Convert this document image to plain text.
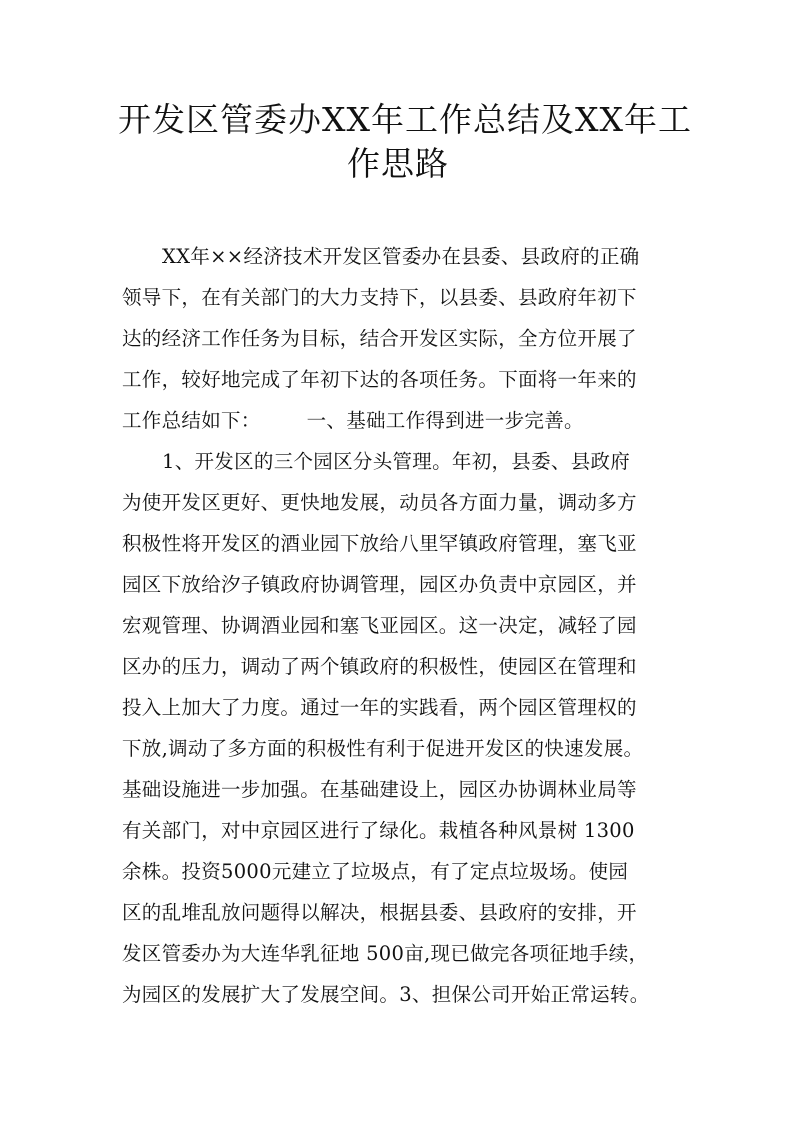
开发区管委办XX年工作总结及XX年工
作思路
XX年××经济技术开发区管委办在县委、县政府的正确
领导下，在有关部门的大力支持下，以县委、县政府年初下
达的经济工作任务为目标，结合开发区实际，全方位开展了
工作，较好地完成了年初下达的各项任务。下面将一年来的
工作总结如下： 一、基础工作得到进一步完善。
1、开发区的三个园区分头管理。年初，县委、县政府
为使开发区更好、更快地发展，动员各方面力量，调动多方
积极性将开发区的酒业园下放给八里罕镇政府管理，塞飞亚
园区下放给汐子镇政府协调管理，园区办负责中京园区，并
宏观管理、协调酒业园和塞飞亚园区。这一决定，减轻了园
区办的压力，调动了两个镇政府的积极性，使园区在管理和
投入上加大了力度。通过一年的实践看，两个园区管理权的
下放,调动了多方面的积极性有利于促进开发区的快速发展。
基础设施进一步加强。在基础建设上，园区办协调林业局等
有关部门，对中京园区进行了绿化。栽植各种风景树 1300
余株。投资5000元建立了垃圾点，有了定点垃圾场。使园
区的乱堆乱放问题得以解决，根据县委、县政府的安排，开
发区管委办为大连华乳征地 500亩,现已做完各项征地手续，
为园区的发展扩大了发展空间。3、担保公司开始正常运转。
